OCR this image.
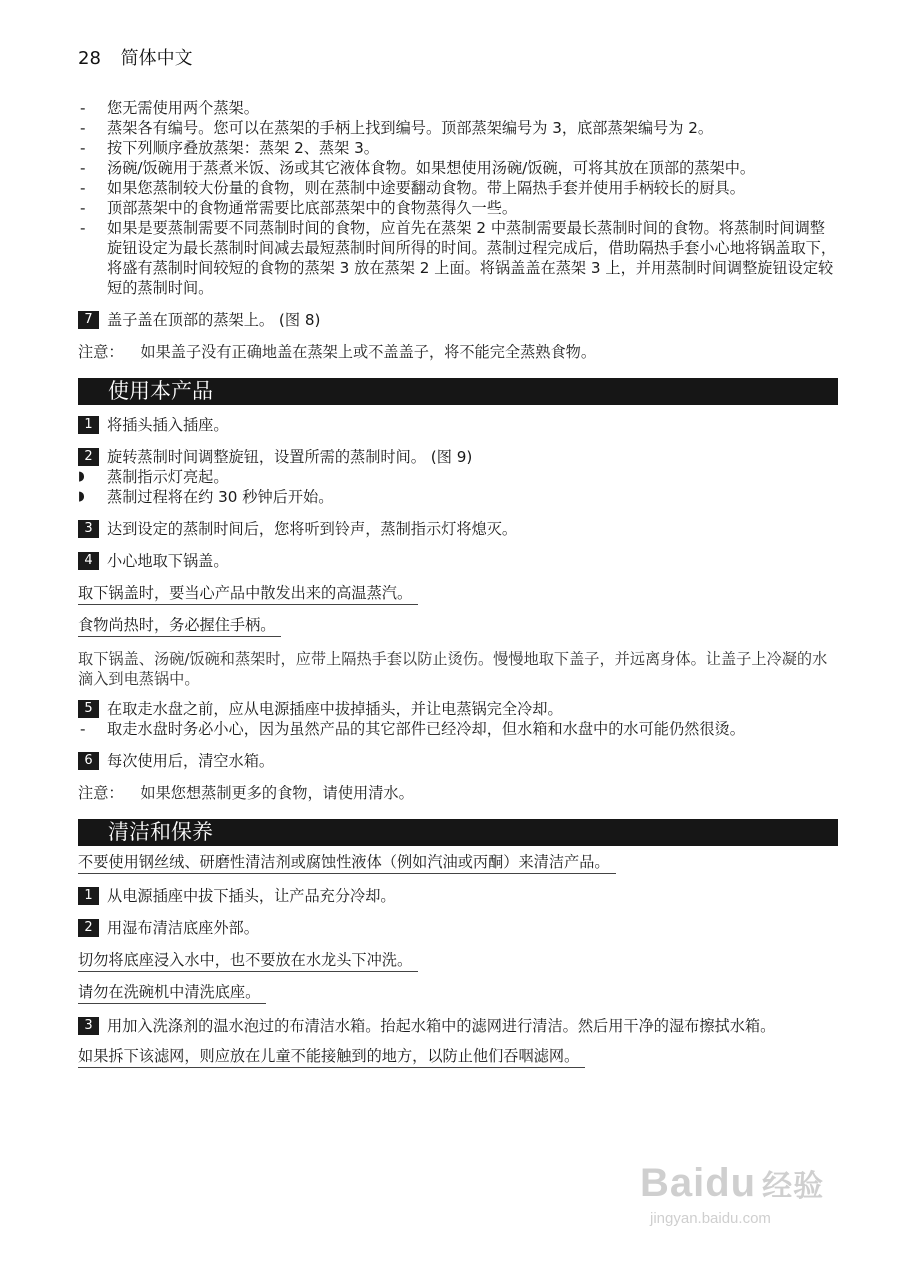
28 简体中文

- 您无需使用两个蒸架。

- 蒸架各有编号。您可以在蒸架的手柄上找到编号。顶部蒸架编号为 3，底部蒸架编号为 2。

- 按下列顺序叠放蒸架：蒸架 2、蒸架 3。

- 汤碗/饭碗用于蒸煮米饭、汤或其它液体食物。如果想使用汤碗/饭碗，可将其放在顶部的蒸架中。

- 如果您蒸制较大份量的食物，则在蒸制中途要翻动食物。带上隔热手套并使用手柄较长的厨具。

- 顶部蒸架中的食物通常需要比底部蒸架中的食物蒸得久一些。

- 如果是要蒸制需要不同蒸制时间的食物，应首先在蒸架 2 中蒸制需要最长蒸制时间的食物。将蒸制时间调整旋钮设定为最长蒸制时间减去最短蒸制时间所得的时间。蒸制过程完成后，借助隔热手套小心地将锅盖取下，将盛有蒸制时间较短的食物的蒸架 3 放在蒸架 2 上面。将锅盖盖在蒸架 3 上，并用蒸制时间调整旋钮设定较短的蒸制时间。

7 盖子盖在顶部的蒸架上。 (图 8)
注意： 如果盖子没有正确地盖在蒸架上或不盖盖子，将不能完全蒸熟食物。
使用本产品
1 将插头插入插座。
2 旋转蒸制时间调整旋钮，设置所需的蒸制时间。 (图 9)

◗ 蒸制指示灯亮起。

◗ 蒸制过程将在约 30 秒钟后开始。

3 达到设定的蒸制时间后，您将听到铃声，蒸制指示灯将熄灭。
4 小心地取下锅盖。
取下锅盖时，要当心产品中散发出来的高温蒸汽。
食物尚热时，务必握住手柄。

取下锅盖、汤碗/饭碗和蒸架时，应带上隔热手套以防止烫伤。慢慢地取下盖子，并远离身体。让盖子上冷凝的水滴入到电蒸锅中。

5 在取走水盘之前，应从电源插座中拔掉插头，并让电蒸锅完全冷却。

- 取走水盘时务必小心，因为虽然产品的其它部件已经冷却，但水箱和水盘中的水可能仍然很烫。

6 每次使用后，清空水箱。
注意： 如果您想蒸制更多的食物，请使用清水。
清洁和保养
不要使用钢丝绒、研磨性清洁剂或腐蚀性液体（例如汽油或丙酮）来清洁产品。
1 从电源插座中拔下插头，让产品充分冷却。
2 用湿布清洁底座外部。
切勿将底座浸入水中，也不要放在水龙头下冲洗。
请勿在洗碗机中清洗底座。
3 用加入洗涤剂的温水泡过的布清洁水箱。抬起水箱中的滤网进行清洁。然后用干净的湿布擦拭水箱。
如果拆下该滤网，则应放在儿童不能接触到的地方，以防止他们吞咽滤网。
Baidu 经验
jingyan.baidu.com
